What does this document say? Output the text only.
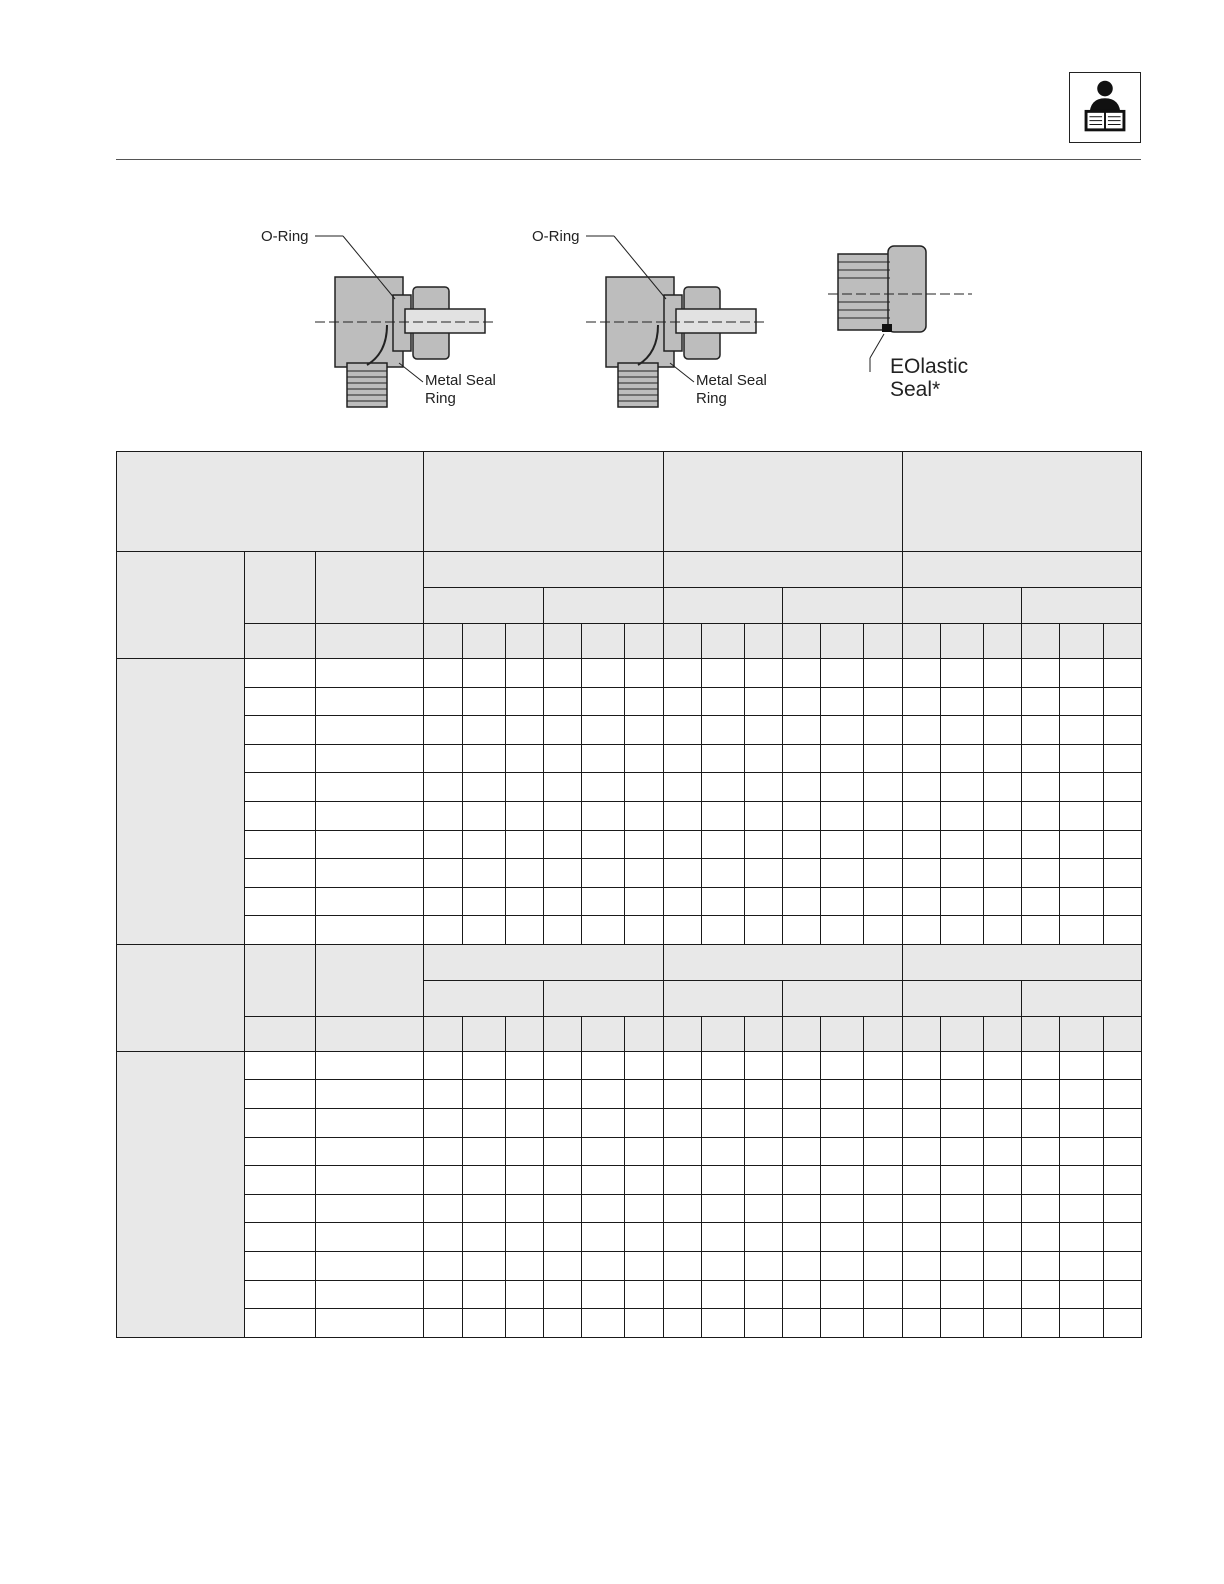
O-Ring
Metal Seal
Ring
O-Ring
Metal Seal
Ring
EOlastic
Seal*
